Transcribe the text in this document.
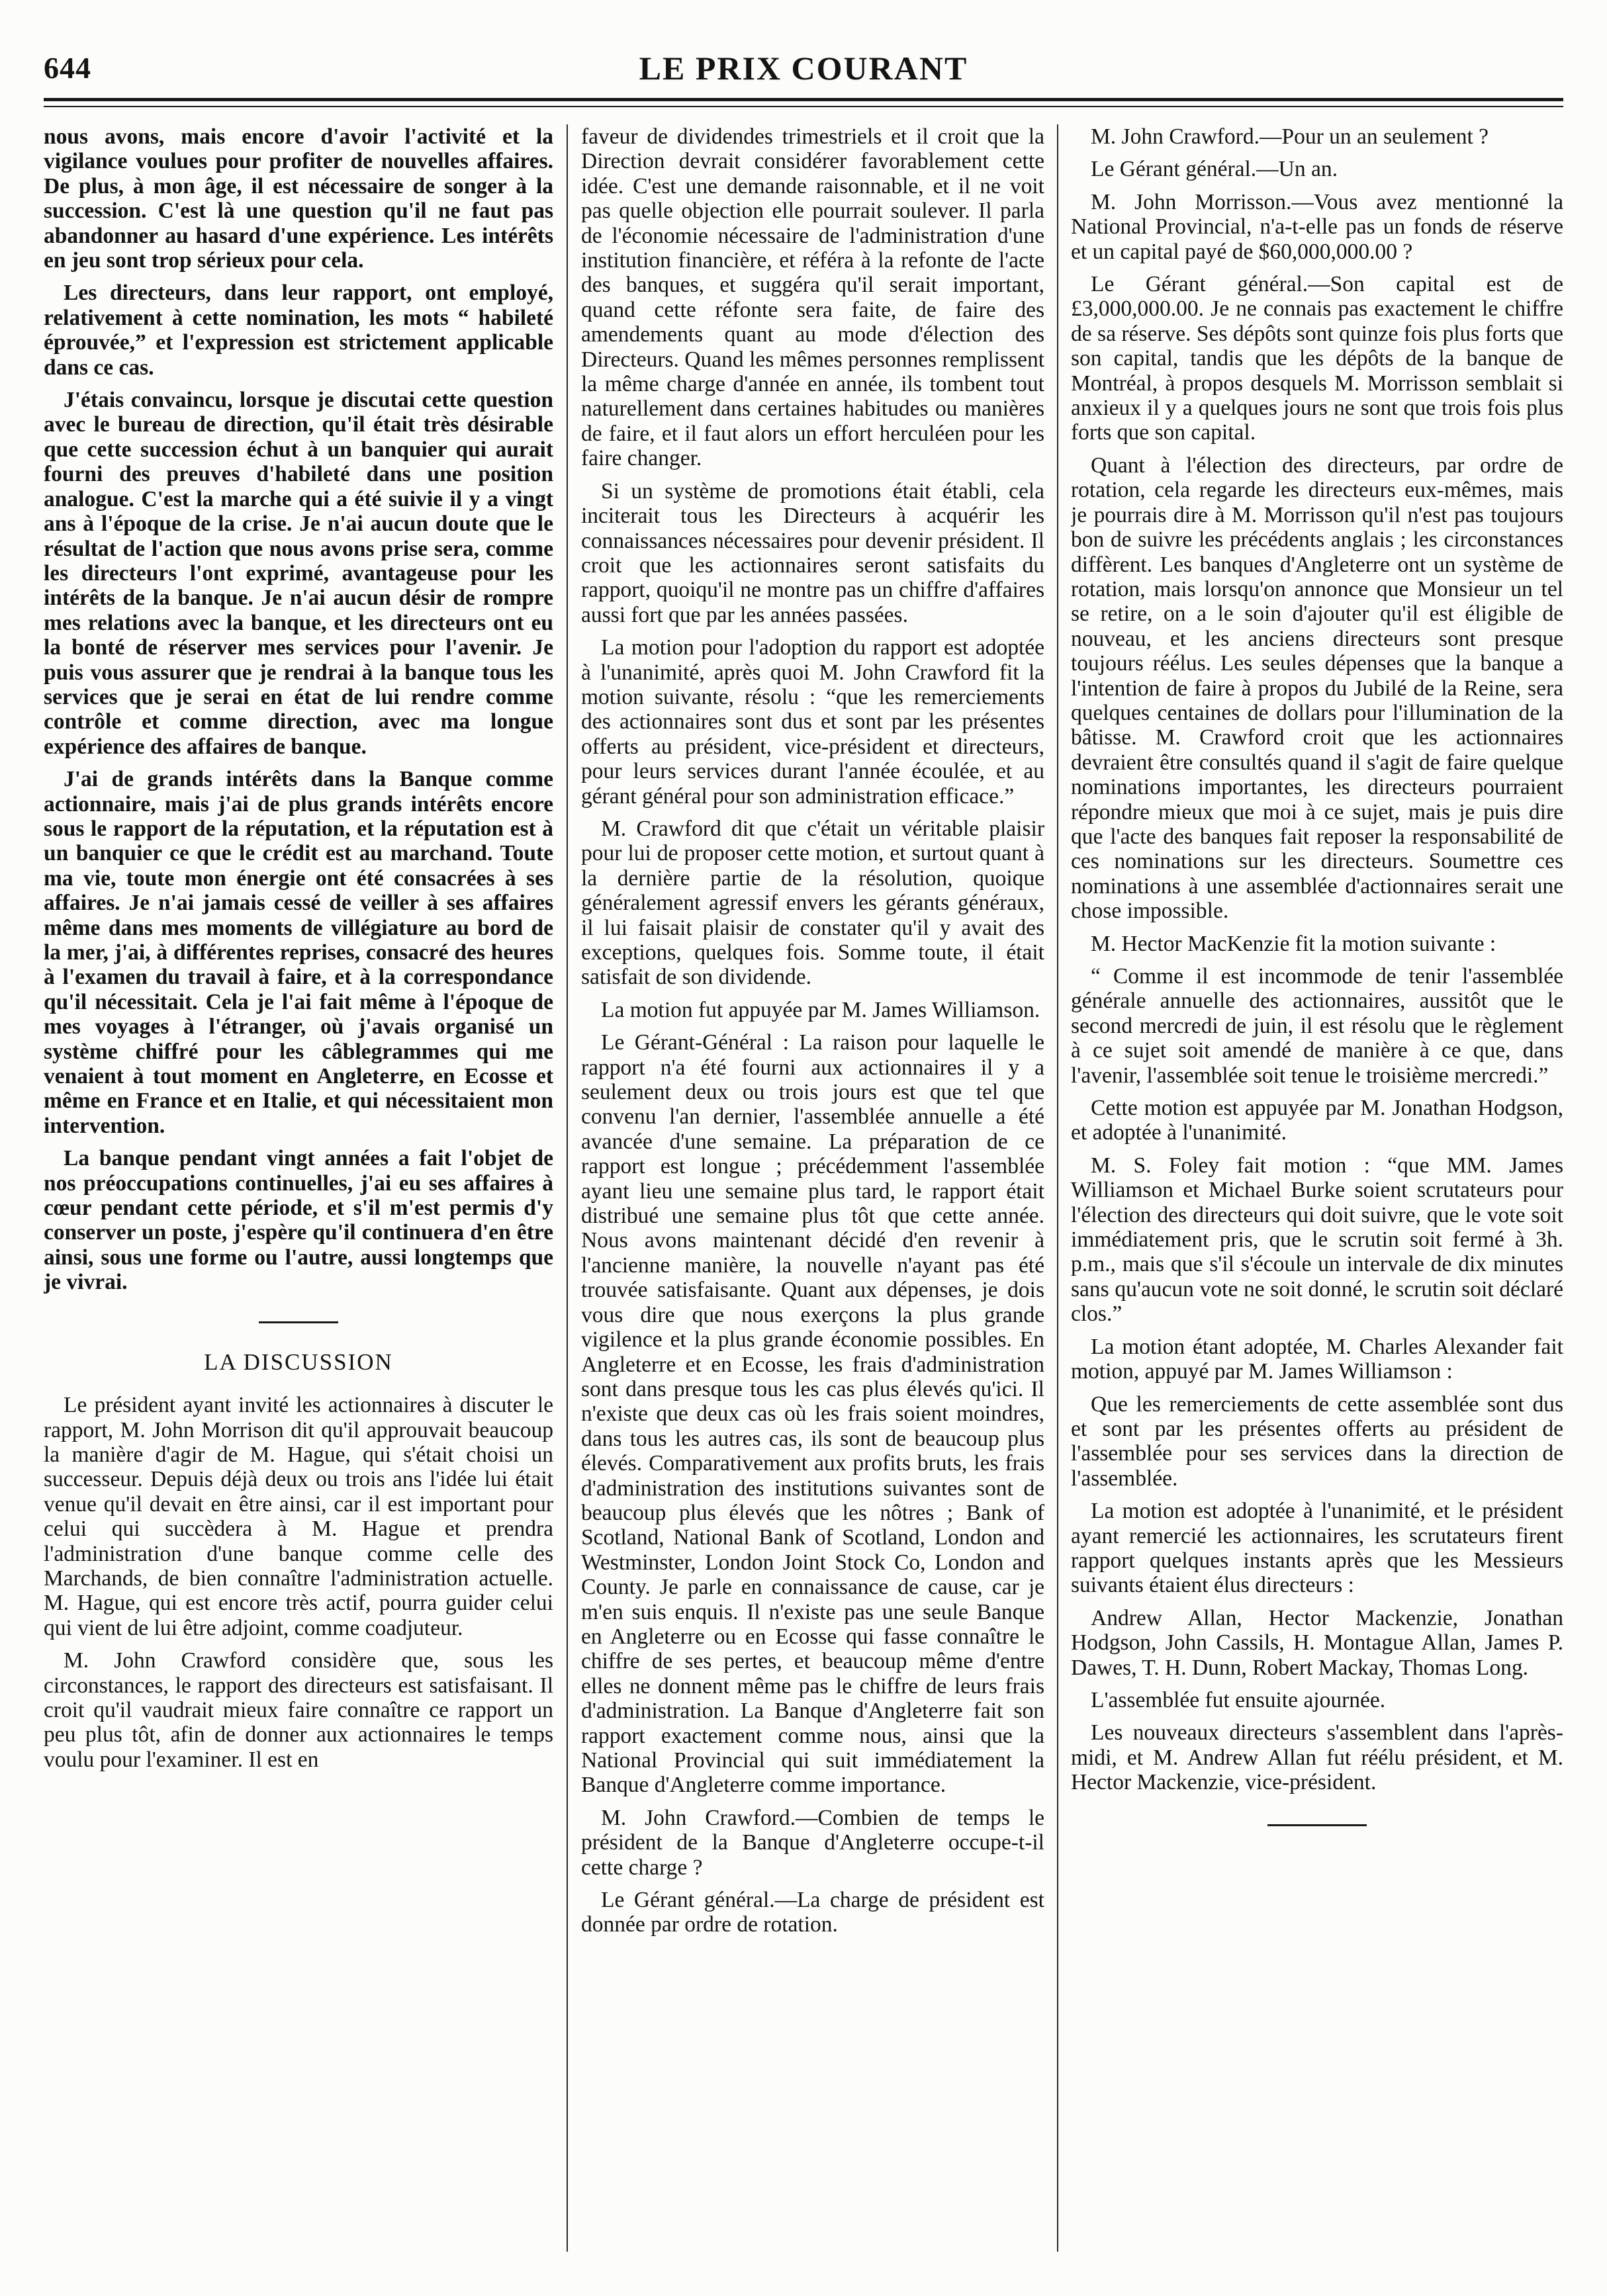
644	LE PRIX COURANT

nous avons, mais encore d'avoir l'activité et la vigilance voulues pour profiter de nouvelles affaires. De plus, à mon âge, il est nécessaire de songer à la succession. C'est là une question qu'il ne faut pas abandonner au hasard d'une expérience. Les intérêts en jeu sont trop sérieux pour cela.

Les directeurs, dans leur rapport, ont employé, relativement à cette nomination, les mots “ habileté éprouvée,” et l'expression est strictement applicable dans ce cas.

J'étais convaincu, lorsque je discutai cette question avec le bureau de direction, qu'il était très désirable que cette succession échut à un banquier qui aurait fourni des preuves d'habileté dans une position analogue. C'est la marche qui a été suivie il y a vingt ans à l'époque de la crise. Je n'ai aucun doute que le résultat de l'action que nous avons prise sera, comme les directeurs l'ont exprimé, avantageuse pour les intérêts de la banque. Je n'ai aucun désir de rompre mes relations avec la banque, et les directeurs ont eu la bonté de réserver mes services pour l'avenir. Je puis vous assurer que je rendrai à la banque tous les services que je serai en état de lui rendre comme contrôle et comme direction, avec ma longue expérience des affaires de banque.

J'ai de grands intérêts dans la Banque comme actionnaire, mais j'ai de plus grands intérêts encore sous le rapport de la réputation, et la réputation est à un banquier ce que le crédit est au marchand. Toute ma vie, toute mon énergie ont été consacrées à ses affaires. Je n'ai jamais cessé de veiller à ses affaires même dans mes moments de villégiature au bord de la mer, j'ai, à différentes reprises, consacré des heures à l'examen du travail à faire, et à la correspondance qu'il nécessitait. Cela je l'ai fait même à l'époque de mes voyages à l'étranger, où j'avais organisé un système chiffré pour les câblegrammes qui me venaient à tout moment en Angleterre, en Ecosse et même en France et en Italie, et qui nécessitaient mon intervention.

La banque pendant vingt années a fait l'objet de nos préoccupations continuelles, j'ai eu ses affaires à cœur pendant cette période, et s'il m'est permis d'y conserver un poste, j'espère qu'il continuera d'en être ainsi, sous une forme ou l'autre, aussi longtemps que je vivrai.

LA DISCUSSION

Le président ayant invité les actionnaires à discuter le rapport, M. John Morrison dit qu'il approuvait beaucoup la manière d'agir de M. Hague, qui s'était choisi un successeur. Depuis déjà deux ou trois ans l'idée lui était venue qu'il devait en être ainsi, car il est important pour celui qui succèdera à M. Hague et prendra l'administration d'une banque comme celle des Marchands, de bien connaître l'administration actuelle. M. Hague, qui est encore très actif, pourra guider celui qui vient de lui être adjoint, comme coadjuteur.

M. John Crawford considère que, sous les circonstances, le rapport des directeurs est satisfaisant. Il croit qu'il vaudrait mieux faire connaître ce rapport un peu plus tôt, afin de donner aux actionnaires le temps voulu pour l'examiner. Il est en

faveur de dividendes trimestriels et il croit que la Direction devrait considérer favorablement cette idée. C'est une demande raisonnable, et il ne voit pas quelle objection elle pourrait soulever. Il parla de l'économie nécessaire de l'administration d'une institution financière, et référa à la refonte de l'acte des banques, et suggéra qu'il serait important, quand cette réfonte sera faite, de faire des amendements quant au mode d'élection des Directeurs. Quand les mêmes personnes remplissent la même charge d'année en année, ils tombent tout naturellement dans certaines habitudes ou manières de faire, et il faut alors un effort herculéen pour les faire changer.

Si un système de promotions était établi, cela inciterait tous les Directeurs à acquérir les connaissances nécessaires pour devenir président. Il croit que les actionnaires seront satisfaits du rapport, quoiqu'il ne montre pas un chiffre d'affaires aussi fort que par les années passées.

La motion pour l'adoption du rapport est adoptée à l'unanimité, après quoi M. John Crawford fit la motion suivante, résolu : “que les remerciements des actionnaires sont dus et sont par les présentes offerts au président, vice-président et directeurs, pour leurs services durant l'année écoulée, et au gérant général pour son administration efficace.”

M. Crawford dit que c'était un véritable plaisir pour lui de proposer cette motion, et surtout quant à la dernière partie de la résolution, quoique généralement agressif envers les gérants généraux, il lui faisait plaisir de constater qu'il y avait des exceptions, quelques fois. Somme toute, il était satisfait de son dividende.

La motion fut appuyée par M. James Williamson.

Le Gérant-Général : La raison pour laquelle le rapport n'a été fourni aux actionnaires il y a seulement deux ou trois jours est que tel que convenu l'an dernier, l'assemblée annuelle a été avancée d'une semaine. La préparation de ce rapport est longue ; précédemment l'assemblée ayant lieu une semaine plus tard, le rapport était distribué une semaine plus tôt que cette année. Nous avons maintenant décidé d'en revenir à l'ancienne manière, la nouvelle n'ayant pas été trouvée satisfaisante. Quant aux dépenses, je dois vous dire que nous exerçons la plus grande vigilence et la plus grande économie possibles. En Angleterre et en Ecosse, les frais d'administration sont dans presque tous les cas plus élevés qu'ici. Il n'existe que deux cas où les frais soient moindres, dans tous les autres cas, ils sont de beaucoup plus élevés. Comparativement aux profits bruts, les frais d'administration des institutions suivantes sont de beaucoup plus élevés que les nôtres ; Bank of Scotland, National Bank of Scotland, London and Westminster, London Joint Stock Co, London and County. Je parle en connaissance de cause, car je m'en suis enquis. Il n'existe pas une seule Banque en Angleterre ou en Ecosse qui fasse connaître le chiffre de ses pertes, et beaucoup même d'entre elles ne donnent même pas le chiffre de leurs frais d'administration. La Banque d'Angleterre fait son rapport exactement comme nous, ainsi que la National Provincial qui suit immédiatement la Banque d'Angleterre comme importance.

M. John Crawford.—Combien de temps le président de la Banque d'Angleterre occupe-t-il cette charge ?

Le Gérant général.—La charge de président est donnée par ordre de rotation.

M. John Crawford.—Pour un an seulement ?

Le Gérant général.—Un an.

M. John Morrisson.—Vous avez mentionné la National Provincial, n'a-t-elle pas un fonds de réserve et un capital payé de $60,000,000.00 ?

Le Gérant général.—Son capital est de £3,000,000.00. Je ne connais pas exactement le chiffre de sa réserve. Ses dépôts sont quinze fois plus forts que son capital, tandis que les dépôts de la banque de Montréal, à propos desquels M. Morrisson semblait si anxieux il y a quelques jours ne sont que trois fois plus forts que son capital.

Quant à l'élection des directeurs, par ordre de rotation, cela regarde les directeurs eux-mêmes, mais je pourrais dire à M. Morrisson qu'il n'est pas toujours bon de suivre les précédents anglais ; les circonstances diffèrent. Les banques d'Angleterre ont un système de rotation, mais lorsqu'on annonce que Monsieur un tel se retire, on a le soin d'ajouter qu'il est éligible de nouveau, et les anciens directeurs sont presque toujours réélus. Les seules dépenses que la banque a l'intention de faire à propos du Jubilé de la Reine, sera quelques centaines de dollars pour l'illumination de la bâtisse. M. Crawford croit que les actionnaires devraient être consultés quand il s'agit de faire quelque nominations importantes, les directeurs pourraient répondre mieux que moi à ce sujet, mais je puis dire que l'acte des banques fait reposer la responsabilité de ces nominations sur les directeurs. Soumettre ces nominations à une assemblée d'actionnaires serait une chose impossible.

M. Hector MacKenzie fit la motion suivante :

“ Comme il est incommode de tenir l'assemblée générale annuelle des actionnaires, aussitôt que le second mercredi de juin, il est résolu que le règlement à ce sujet soit amendé de manière à ce que, dans l'avenir, l'assemblée soit tenue le troisième mercredi.”

Cette motion est appuyée par M. Jonathan Hodgson, et adoptée à l'unanimité.

M. S. Foley fait motion : “que MM. James Williamson et Michael Burke soient scrutateurs pour l'élection des directeurs qui doit suivre, que le vote soit immédiatement pris, que le scrutin soit fermé à 3h. p.m., mais que s'il s'écoule un intervale de dix minutes sans qu'aucun vote ne soit donné, le scrutin soit déclaré clos.”

La motion étant adoptée, M. Charles Alexander fait motion, appuyé par M. James Williamson :

Que les remerciements de cette assemblée sont dus et sont par les présentes offerts au président de l'assemblée pour ses services dans la direction de l'assemblée.

La motion est adoptée à l'unanimité, et le président ayant remercié les actionnaires, les scrutateurs firent rapport quelques instants après que les Messieurs suivants étaient élus directeurs :

Andrew Allan, Hector Mackenzie, Jonathan Hodgson, John Cassils, H. Montague Allan, James P. Dawes, T. H. Dunn, Robert Mackay, Thomas Long.

L'assemblée fut ensuite ajournée.

Les nouveaux directeurs s'assemblent dans l'après-midi, et M. Andrew Allan fut réélu président, et M. Hector Mackenzie, vice-président.
